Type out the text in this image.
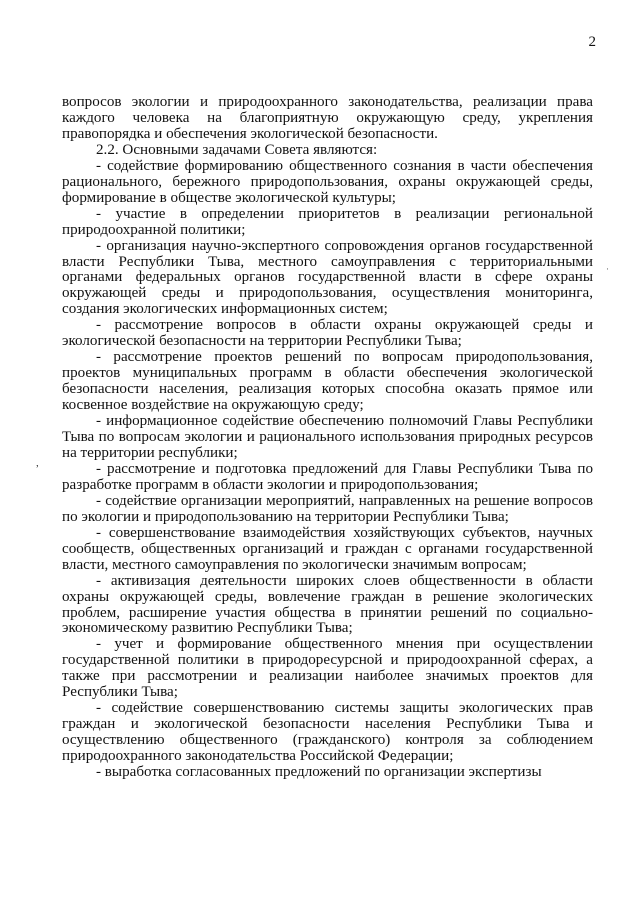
2

вопросов экологии и природоохранного законодательства, реализации права каждого человека на благоприятную окружающую среду, укрепления правопорядка и обеспечения экологической безопасности.

2.2. Основными задачами Совета являются:

- содействие формированию общественного сознания в части обеспечения рационального, бережного природопользования, охраны окружающей среды, формирование в обществе экологической культуры;

- участие в определении приоритетов в реализации региональной природоохранной политики;

- организация научно-экспертного сопровождения органов государственной власти Республики Тыва, местного самоуправления с территориальными органами федеральных органов государственной власти в сфере охраны окружающей среды и природопользования, осуществления мониторинга, создания экологических информационных систем;

- рассмотрение вопросов в области охраны окружающей среды и экологической безопасности на территории Республики Тыва;

- рассмотрение проектов решений по вопросам природопользования, проектов муниципальных программ в области обеспечения экологической безопасности населения, реализация которых способна оказать прямое или косвенное воздействие на окружающую среду;

- информационное содействие обеспечению полномочий Главы Республики Тыва по вопросам экологии и рационального использования природных ресурсов на территории республики;

- рассмотрение и подготовка предложений для Главы Республики Тыва по разработке программ в области экологии и природопользования;

- содействие организации мероприятий, направленных на решение вопросов по экологии и природопользованию на территории Республики Тыва;

- совершенствование взаимодействия хозяйствующих субъектов, научных сообществ, общественных организаций и граждан с органами государственной власти, местного самоуправления по экологически значимым вопросам;

- активизация деятельности широких слоев общественности в области охраны окружающей среды, вовлечение граждан в решение экологических проблем, расширение участия общества в принятии решений по социально-экономическому развитию Республики Тыва;

- учет и формирование общественного мнения при осуществлении государственной политики в природоресурсной и природоохранной сферах, а также при рассмотрении и реализации наиболее значимых проектов для Республики Тыва;

- содействие совершенствованию системы защиты экологических прав граждан и экологической безопасности населения Республики Тыва и осуществлению общественного (гражданского) контроля за соблюдением природоохранного законодательства Российской Федерации;

- выработка согласованных предложений по организации экспертизы

,
·
